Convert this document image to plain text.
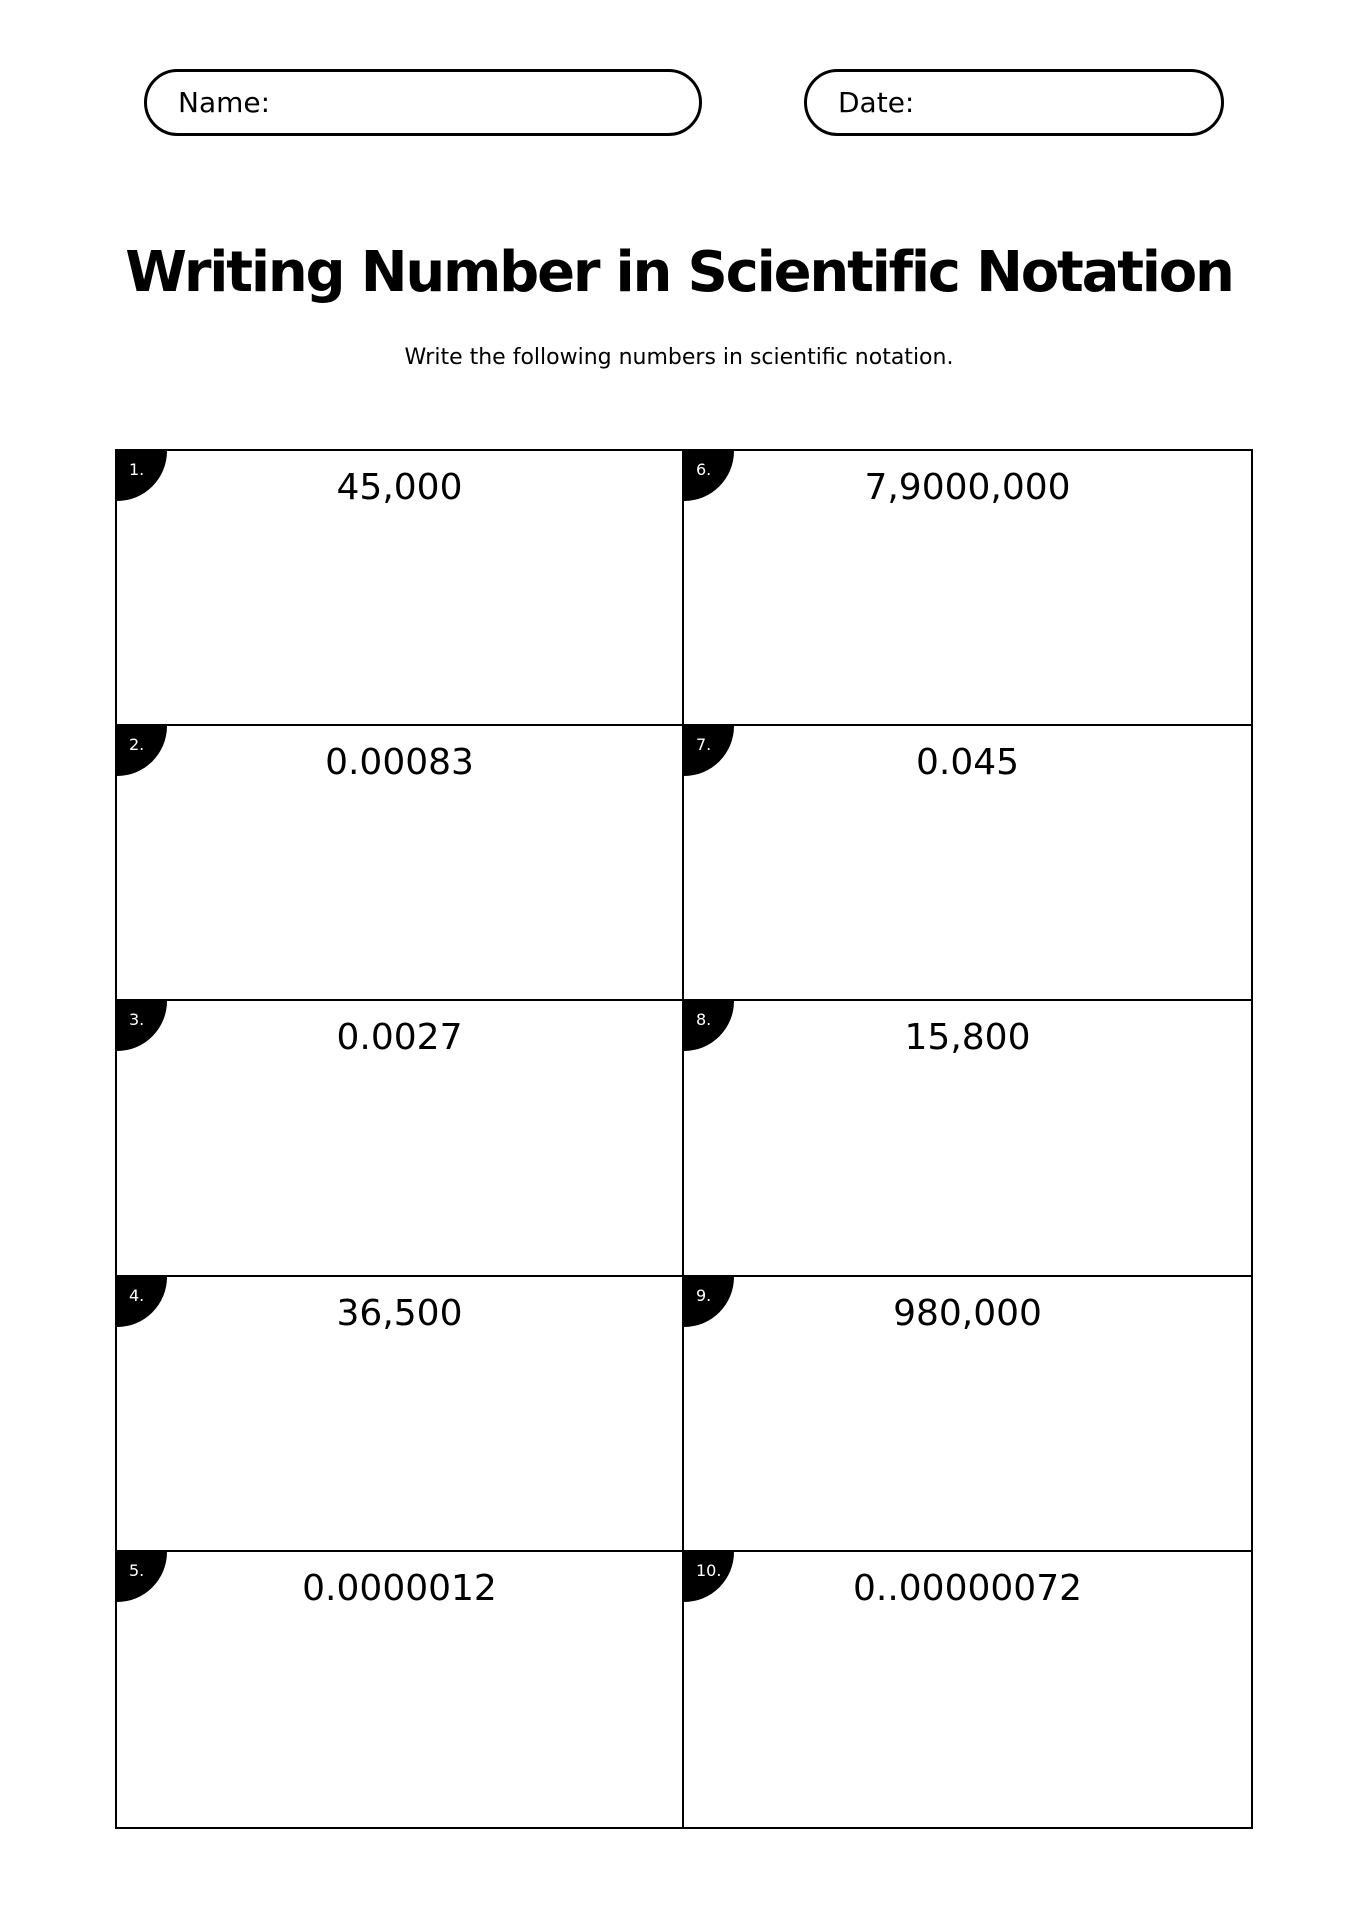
Name:	Date:
Writing Number in Scientific Notation
Write the following numbers in scientific notation.
1.	45,000	6.	7,9000,000
2.	0.00083	7.	0.045
3.	0.0027	8.	15,800
4.	36,500	9.	980,000
5.	0.0000012	10.	0..00000072
